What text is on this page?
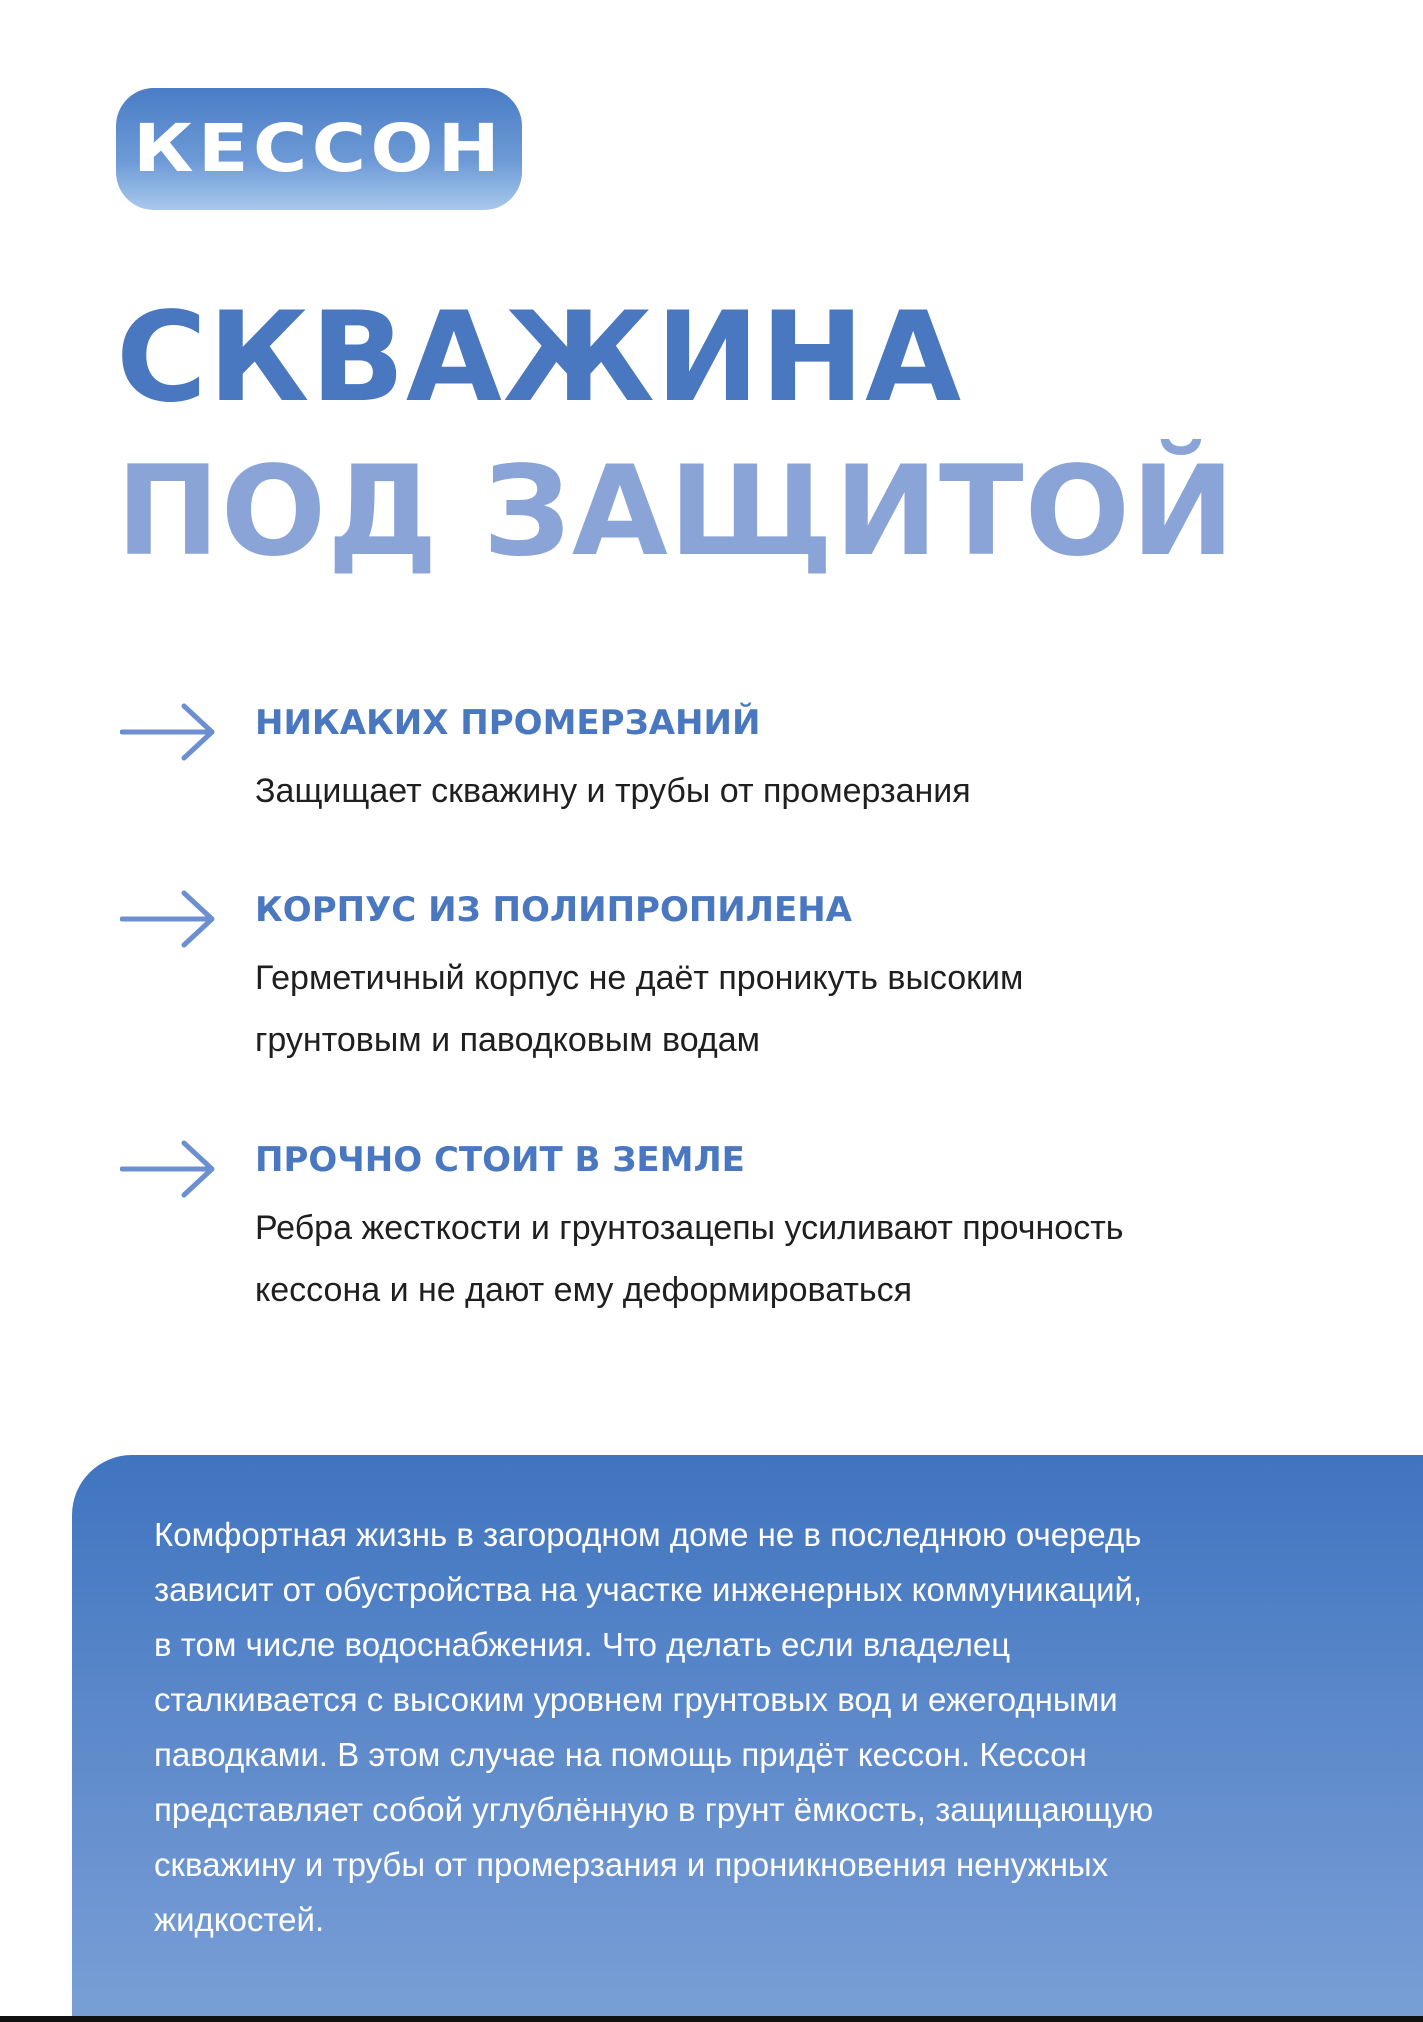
КЕССОН
СКВАЖИНА
ПОД ЗАЩИТОЙ
НИКАКИХ ПРОМЕРЗАНИЙ

Защищает скважину и трубы от промерзания

КОРПУС ИЗ ПОЛИПРОПИЛЕНА

Герметичный корпус не даёт проникуть высоким
грунтовым и паводковым водам

ПРОЧНО СТОИТ В ЗЕМЛЕ

Ребра жесткости и грунтозацепы усиливают прочность
кессона и не дают ему деформироваться

Комфортная жизнь в загородном доме не в последнюю очередь
зависит от обустройства на участке инженерных коммуникаций,
в том числе водоснабжения. Что делать если владелец
сталкивается с высоким уровнем грунтовых вод и ежегодными
паводками. В этом случае на помощь придёт кессон. Кессон
представляет собой углублённую в грунт ёмкость, защищающую
скважину и трубы от промерзания и проникновения ненужных
жидкостей.
